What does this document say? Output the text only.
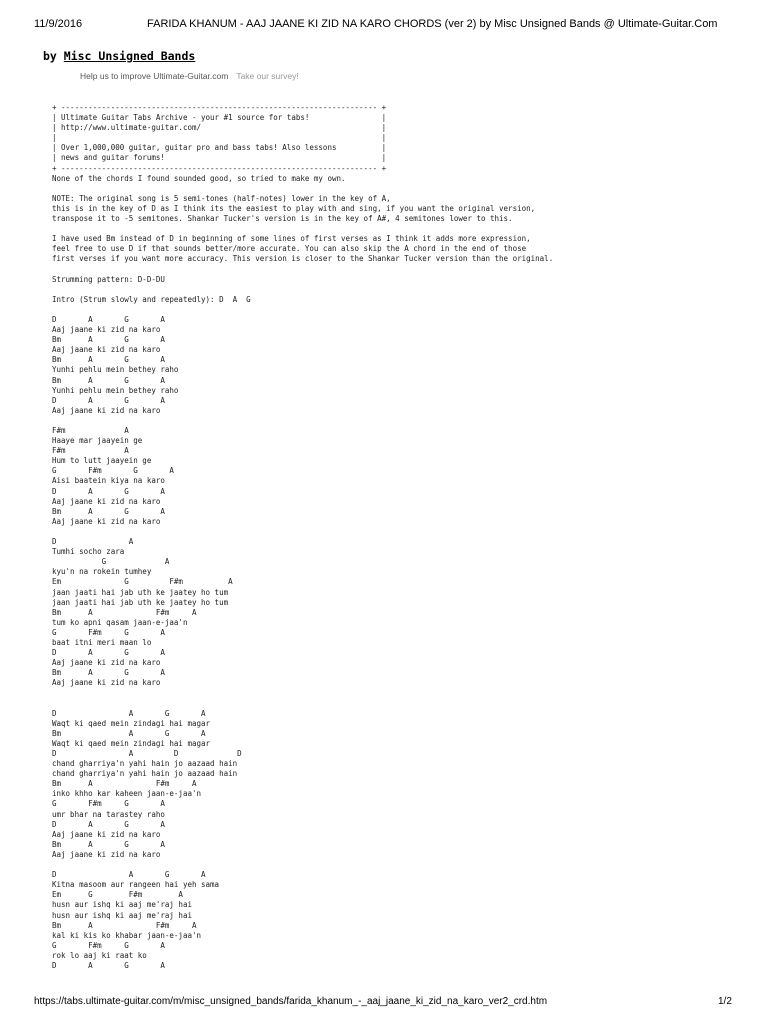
11/9/2016	FARIDA KHANUM - AAJ JAANE KI ZID NA KARO CHORDS (ver 2) by Misc Unsigned Bands @ Ultimate-Guitar.Com
by Misc Unsigned Bands
Help us to improve Ultimate-Guitar.com Take our survey!
+ ---------------------------------------------------------------------- +
| Ultimate Guitar Tabs Archive - your #1 source for tabs!                |
| http://www.ultimate-guitar.com/                                        |
|                                                                        |
| Over 1,000,000 guitar, guitar pro and bass tabs! Also lessons          |
| news and guitar forums!                                                |
+ ---------------------------------------------------------------------- +
None of the chords I found sounded good, so tried to make my own.

NOTE: The original song is 5 semi-tones (half-notes) lower in the key of A,
this is in the key of D as I think its the easiest to play with and sing, if you want the original version,
transpose it to -5 semitones. Shankar Tucker's version is in the key of A#, 4 semitones lower to this.

I have used Bm instead of D in beginning of some lines of first verses as I think it adds more expression,
feel free to use D if that sounds better/more accurate. You can also skip the A chord in the end of those
first verses if you want more accuracy. This version is closer to the Shankar Tucker version than the original.

Strumming pattern: D-D-DU

Intro (Strum slowly and repeatedly): D  A  G

D       A       G       A
Aaj jaane ki zid na karo
Bm      A       G       A
Aaj jaane ki zid na karo
Bm      A       G       A
Yunhi pehlu mein bethey raho
Bm      A       G       A
Yunhi pehlu mein bethey raho
D       A       G       A
Aaj jaane ki zid na karo

F#m             A
Haaye mar jaayein ge
F#m             A
Hum to lutt jaayein ge
G       F#m       G       A
Aisi baatein kiya na karo
D       A       G       A
Aaj jaane ki zid na karo
Bm      A       G       A
Aaj jaane ki zid na karo

D                A
Tumhi socho zara
G             A
kyu'n na rokein tumhey
Em              G         F#m          A
jaan jaati hai jab uth ke jaatey ho tum
jaan jaati hai jab uth ke jaatey ho tum
Bm      A              F#m     A
tum ko apni qasam jaan-e-jaa'n
G       F#m     G       A
baat itni meri maan lo
D       A       G       A
Aaj jaane ki zid na karo
Bm      A       G       A
Aaj jaane ki zid na karo

D                A       G       A
Waqt ki qaed mein zindagi hai magar
Bm               A       G       A
Waqt ki qaed mein zindagi hai magar
D                A         D             D
chand gharriya'n yahi hain jo aazaad hain
chand gharriya'n yahi hain jo aazaad hain
Bm      A              F#m     A
inko khho kar kaheen jaan-e-jaa'n
G       F#m     G       A
umr bhar na tarastey raho
D       A       G       A
Aaj jaane ki zid na karo
Bm      A       G       A
Aaj jaane ki zid na karo

D                A       G       A
Kitna masoom aur rangeen hai yeh sama
Em      G        F#m        A
husn aur ishq ki aaj me'raj hai
husn aur ishq ki aaj me'raj hai
Bm      A              F#m     A
kal ki kis ko khabar jaan-e-jaa'n
G       F#m     G       A
rok lo aaj ki raat ko
D       A       G       A
https://tabs.ultimate-guitar.com/m/misc_unsigned_bands/farida_khanum_-_aaj_jaane_ki_zid_na_karo_ver2_crd.htm	1/2
